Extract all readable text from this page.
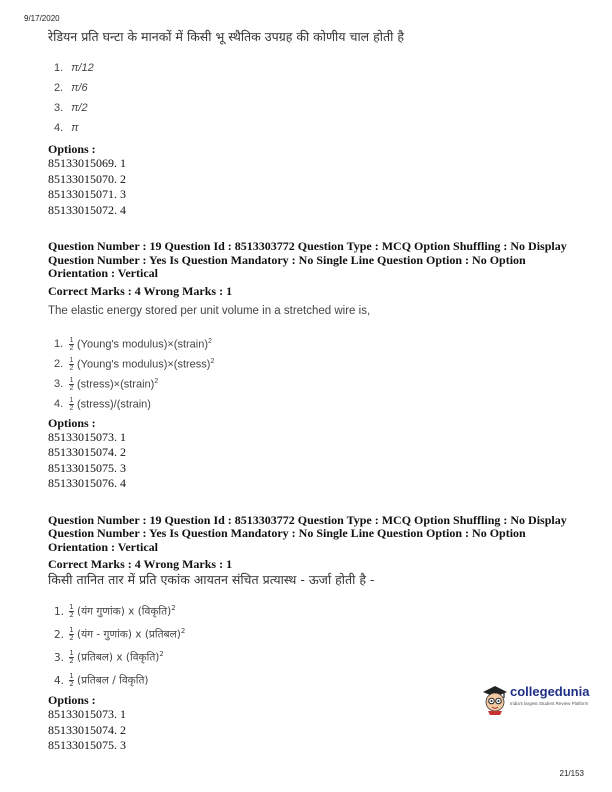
9/17/2020
रेडियन प्रति घन्टा के मानकों में किसी भू स्थैतिक उपग्रह की कोणीय चाल होती है
1. π/12
2. π/6
3. π/2
4. π
Options :
85133015069. 1
85133015070. 2
85133015071. 3
85133015072. 4
Question Number : 19 Question Id : 8513303772 Question Type : MCQ Option Shuffling : No Display
Question Number : Yes Is Question Mandatory : No Single Line Question Option : No Option
Orientation : Vertical
Correct Marks : 4 Wrong Marks : 1
The elastic energy stored per unit volume in a stretched wire is,
1. $\frac{1}{2}$ (Young's modulus)×(strain)$^2$
2. $\frac{1}{2}$ (Young's modulus)×(stress)$^2$
3. $\frac{1}{2}$ (stress)×(strain)$^2$
4. $\frac{1}{2}$ (stress)/(strain)
Options :
85133015073. 1
85133015074. 2
85133015075. 3
85133015076. 4
Question Number : 19 Question Id : 8513303772 Question Type : MCQ Option Shuffling : No Display
Question Number : Yes Is Question Mandatory : No Single Line Question Option : No Option
Orientation : Vertical
Correct Marks : 4 Wrong Marks : 1
किसी तानित तार में प्रति एकांक आयतन संचित प्रत्यास्थ - ऊर्जा होती है -
1. $\frac{1}{2}$ (यंग गुणांक) x (विकृति)$^2$
2. $\frac{1}{2}$ (यंग - गुणांक) x (प्रतिबल)$^2$
3. $\frac{1}{2}$ (प्रतिबल) x (विकृति)$^2$
4. $\frac{1}{2}$ (प्रतिबल / विकृति)
Options :
85133015073. 1
85133015074. 2
85133015075. 3
collegedunia
India's largest Student Review Platform
21/153
